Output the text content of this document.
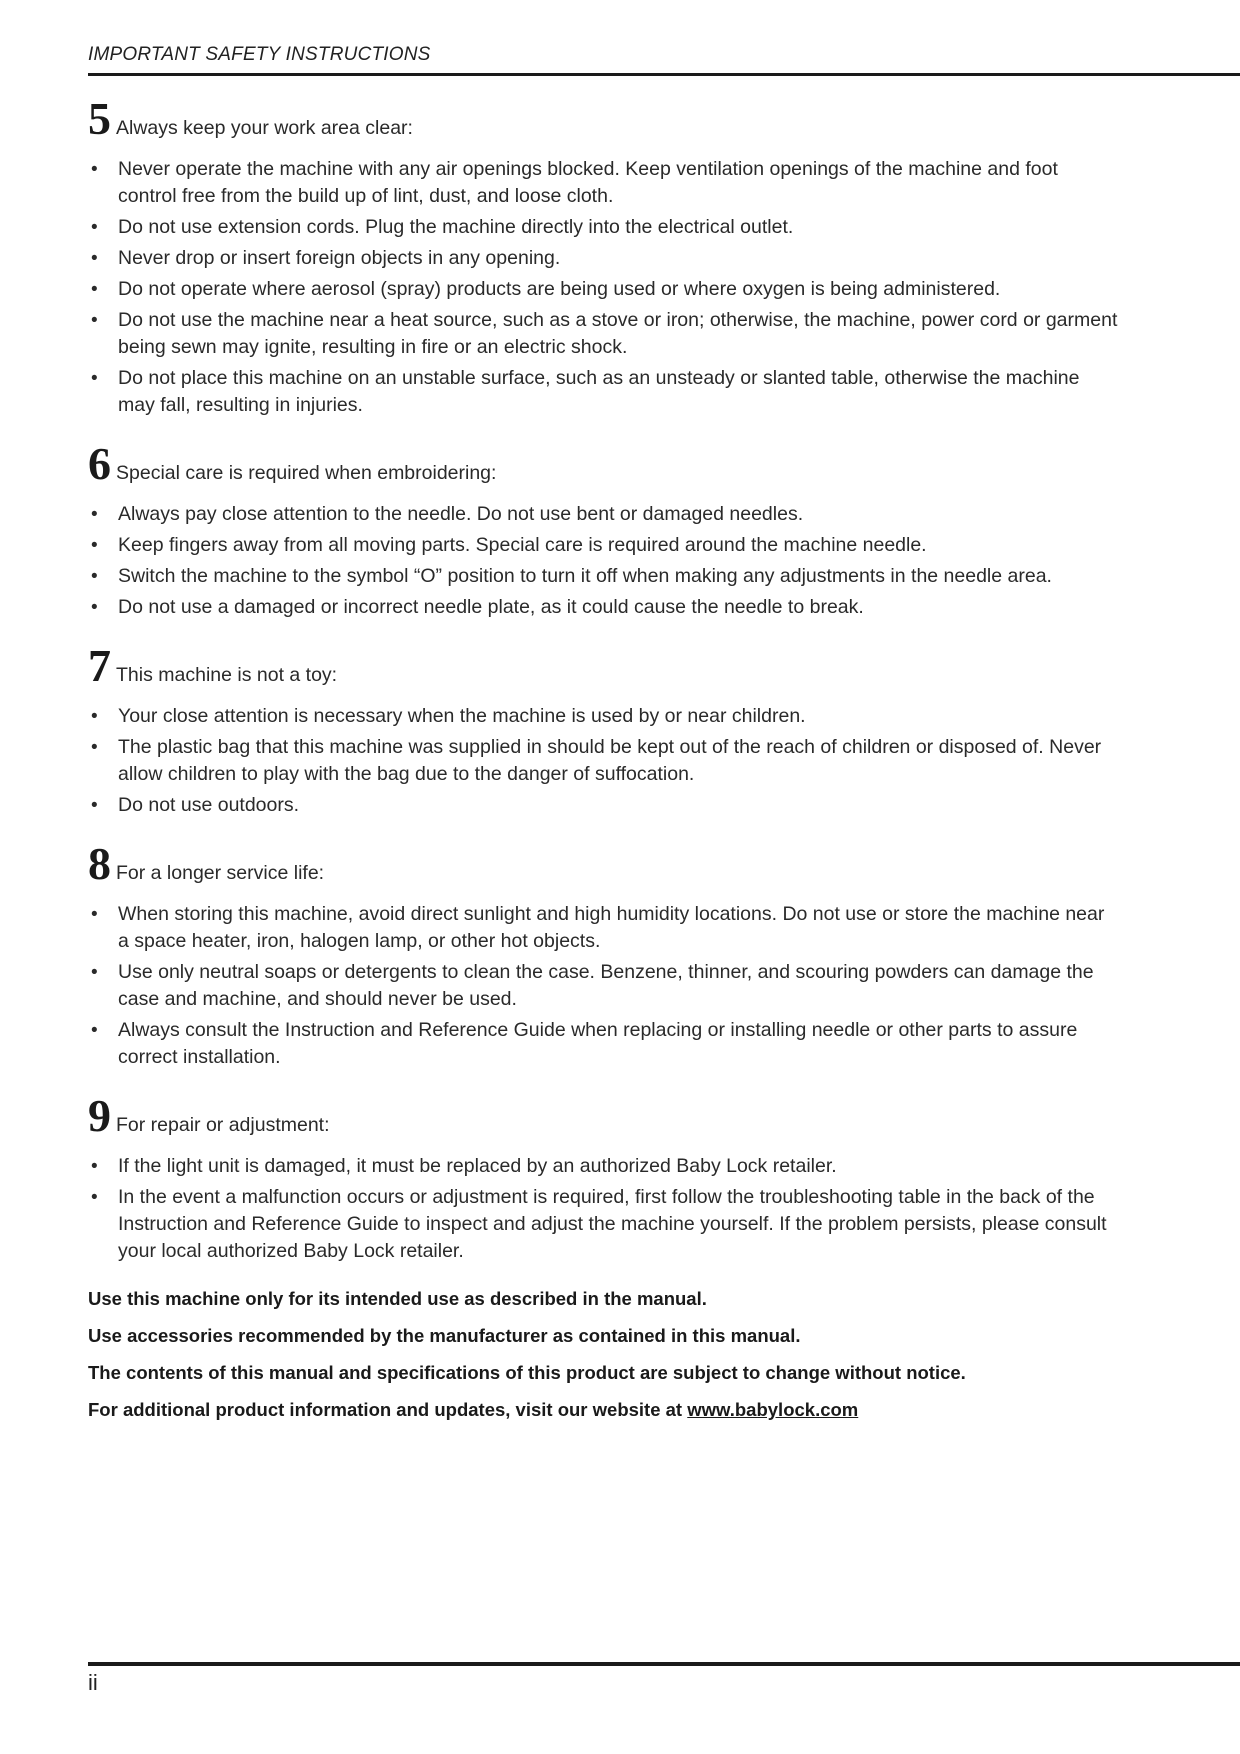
IMPORTANT SAFETY INSTRUCTIONS
5 Always keep your work area clear:
• Never operate the machine with any air openings blocked. Keep ventilation openings of the machine and foot control free from the build up of lint, dust, and loose cloth.
• Do not use extension cords. Plug the machine directly into the electrical outlet.
• Never drop or insert foreign objects in any opening.
• Do not operate where aerosol (spray) products are being used or where oxygen is being administered.
• Do not use the machine near a heat source, such as a stove or iron; otherwise, the machine, power cord or garment being sewn may ignite, resulting in fire or an electric shock.
• Do not place this machine on an unstable surface, such as an unsteady or slanted table, otherwise the machine may fall, resulting in injuries.
6 Special care is required when embroidering:
• Always pay close attention to the needle. Do not use bent or damaged needles.
• Keep fingers away from all moving parts. Special care is required around the machine needle.
• Switch the machine to the symbol “O” position to turn it off when making any adjustments in the needle area.
• Do not use a damaged or incorrect needle plate, as it could cause the needle to break.
7 This machine is not a toy:
• Your close attention is necessary when the machine is used by or near children.
• The plastic bag that this machine was supplied in should be kept out of the reach of children or disposed of. Never allow children to play with the bag due to the danger of suffocation.
• Do not use outdoors.
8 For a longer service life:
• When storing this machine, avoid direct sunlight and high humidity locations. Do not use or store the machine near a space heater, iron, halogen lamp, or other hot objects.
• Use only neutral soaps or detergents to clean the case. Benzene, thinner, and scouring powders can damage the case and machine, and should never be used.
• Always consult the Instruction and Reference Guide when replacing or installing needle or other parts to assure correct installation.
9 For repair or adjustment:
• If the light unit is damaged, it must be replaced by an authorized Baby Lock retailer.
• In the event a malfunction occurs or adjustment is required, first follow the troubleshooting table in the back of the Instruction and Reference Guide to inspect and adjust the machine yourself. If the problem persists, please consult your local authorized Baby Lock retailer.
Use this machine only for its intended use as described in the manual.
Use accessories recommended by the manufacturer as contained in this manual.
The contents of this manual and specifications of this product are subject to change without notice.
For additional product information and updates, visit our website at www.babylock.com
ii
